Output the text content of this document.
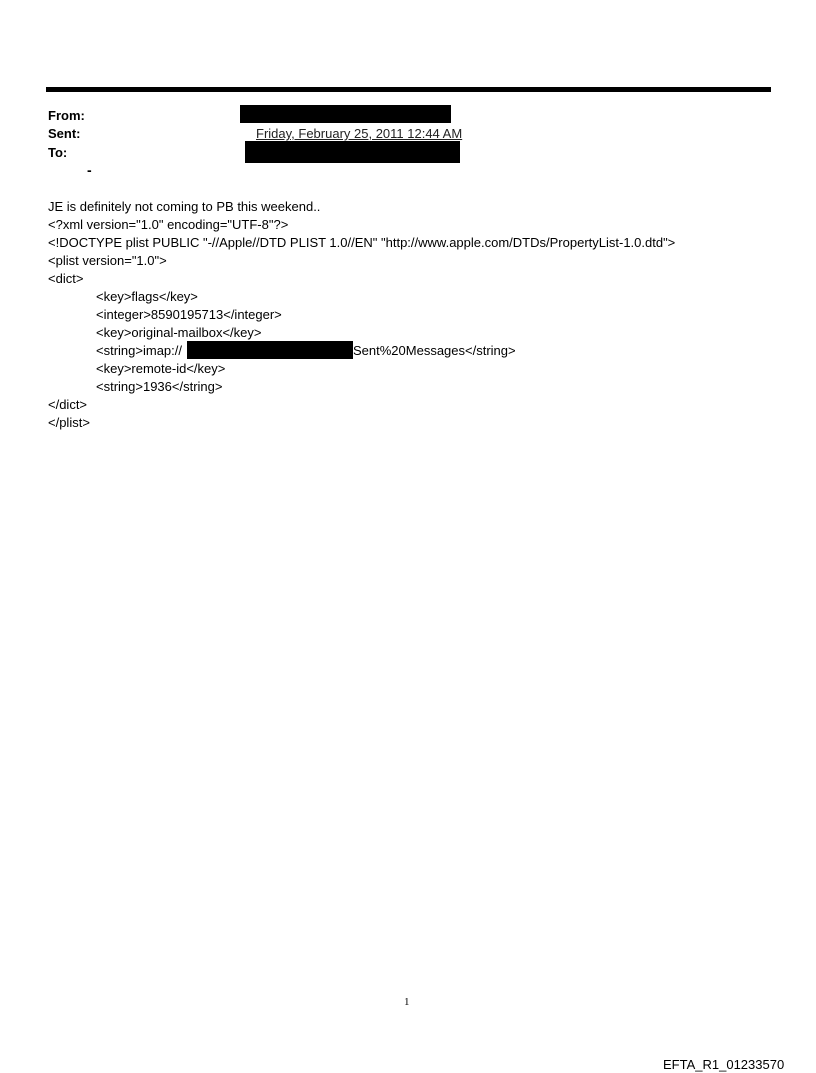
From:
Sent:	Friday, February 25, 2011 12:44 AM
To:
-
JE is definitely not coming to PB this weekend..
<?xml version="1.0" encoding="UTF-8"?>
<!DOCTYPE plist PUBLIC "-//Apple//DTD PLIST 1.0//EN" "http://www.apple.com/DTDs/PropertyList-1.0.dtd">
<plist version="1.0">
<dict>
<key>flags</key>
<integer>8590195713</integer>
<key>original-mailbox</key>
<string>imap://	Sent%20Messages</string>
<key>remote-id</key>
<string>1936</string>
</dict>
</plist>
1
EFTA_R1_01233570
